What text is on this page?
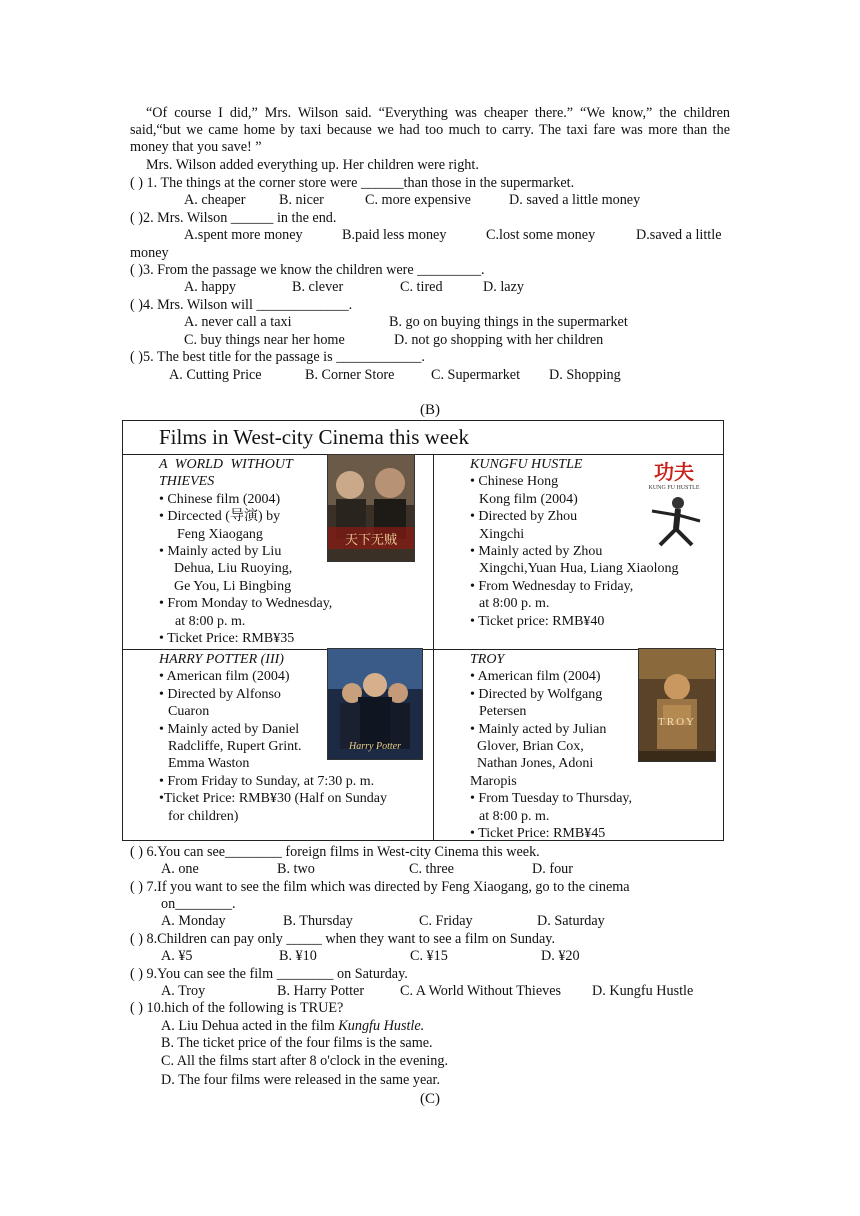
“Of course I did,” Mrs. Wilson said. “Everything was cheaper there.” “We know,” the children said,“but we came home by taxi because we had too much to carry. The taxi fare was more than the money that you save! ”
Mrs. Wilson added everything up. Her children were right.
( ) 1. The things at the corner store were ______than those in the supermarket.
A. cheaper B. nicer	C. more expensive	D. saved a little money
( )2. Mrs. Wilson ______ in the end.
A.spent more money	B.paid less money	C.lost some money	D.saved a little
money
( )3. From the passage we know the children were _________.
A. happy	B. clever	C. tired	D. lazy
( )4. Mrs. Wilson will _____________.
A. never call a taxi	B. go on buying things in the supermarket
C. buy things near her home	D. not go shopping with her children
( )5. The best title for the passage is ____________.
A. Cutting Price	B. Corner Store	C. Supermarket D. Shopping
(B)
Films in West-city Cinema this week
A WORLD WITHOUT
THIEVES
• Chinese film (2004)
• Dircected (导演) by
Feng Xiaogang
• Mainly acted by Liu
Dehua, Liu Ruoying,
Ge You, Li Bingbing
• From Monday to Wednesday,
at 8:00 p. m.
• Ticket Price: RMB¥35
天下无贼
KUNGFU HUSTLE
• Chinese Hong
Kong film (2004)
• Directed by Zhou
Xingchi
• Mainly acted by Zhou
Xingchi,Yuan Hua, Liang Xiaolong
• From Wednesday to Friday,
at 8:00 p. m.
• Ticket price: RMB¥40
功夫
KUNG FU HUSTLE
HARRY POTTER (III)
• American film (2004)
• Directed by Alfonso
Cuaron
• Mainly acted by Daniel
Radcliffe, Rupert Grint.
Emma Waston
• From Friday to Sunday, at 7:30 p. m.
•Ticket Price: RMB¥30 (Half on Sunday
for children)
Harry Potter
TROY
• American film (2004)
• Directed by Wolfgang
Petersen
• Mainly acted by Julian
Glover, Brian Cox,
Nathan Jones, Adoni
Maropis
• From Tuesday to Thursday,
at 8:00 p. m.
• Ticket Price: RMB¥45
TROY
( ) 6.You can see________ foreign films in West-city Cinema this week.
A. one	B. two	C. three	D. four
( ) 7.If you want to see the film which was directed by Feng Xiaogang, go to the cinema
on________.
A. Monday	B. Thursday	C. Friday	D. Saturday
( ) 8.Children can pay only _____ when they want to see a film on Sunday.
A. ¥5	B. ¥10	C. ¥15	D. ¥20
( ) 9.You can see the film ________ on Saturday.
A. Troy	B. Harry Potter	C. A World Without Thieves D. Kungfu Hustle
( ) 10.hich of the following is TRUE?
A. Liu Dehua acted in the film Kungfu Hustle.
B. The ticket price of the four films is the same.
C. All the films start after 8 o'clock in the evening.
D. The four films were released in the same year.
(C)
